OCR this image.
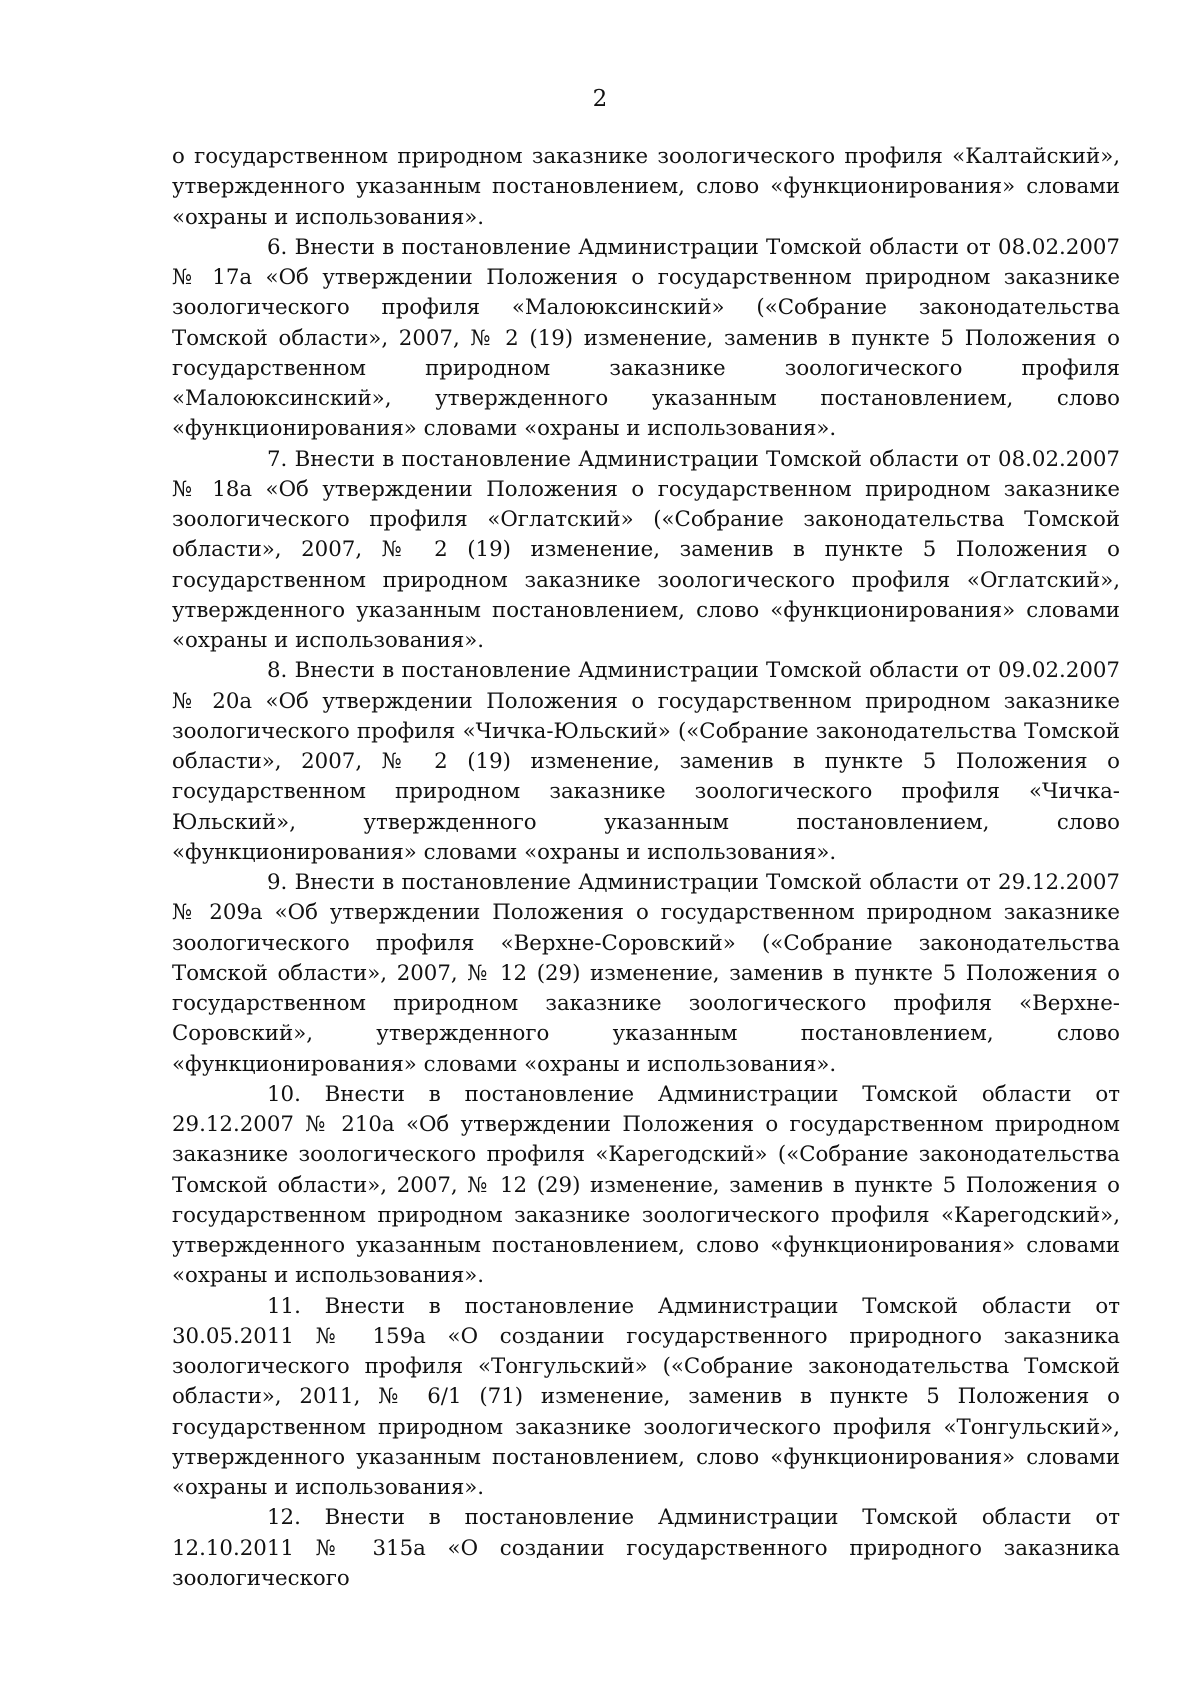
2

о государственном природном заказнике зоологического профиля «Калтайский», утвержденного указанным постановлением, слово «функционирования» словами «охраны и использования».

6. Внести в постановление Администрации Томской области от 08.02.2007 № 17а «Об утверждении Положения о государственном природном заказнике зоологического профиля «Малоюксинский» («Собрание законодательства Томской области», 2007, № 2 (19) изменение, заменив в пункте 5 Положения о государственном природном заказнике зоологического профиля «Малоюксинский», утвержденного указанным постановлением, слово «функционирования» словами «охраны и использования».

7. Внести в постановление Администрации Томской области от 08.02.2007 № 18а «Об утверждении Положения о государственном природном заказнике зоологического профиля «Оглатский» («Собрание законодательства Томской области», 2007, № 2 (19) изменение, заменив в пункте 5 Положения о государственном природном заказнике зоологического профиля «Оглатский», утвержденного указанным постановлением, слово «функционирования» словами «охраны и использования».

8. Внести в постановление Администрации Томской области от 09.02.2007 № 20а «Об утверждении Положения о государственном природном заказнике зоологического профиля «Чичка-Юльский» («Собрание законодательства Томской области», 2007, № 2 (19) изменение, заменив в пункте 5 Положения о государственном природном заказнике зоологического профиля «Чичка-Юльский», утвержденного указанным постановлением, слово «функционирования» словами «охраны и использования».

9. Внести в постановление Администрации Томской области от 29.12.2007 № 209а «Об утверждении Положения о государственном природном заказнике зоологического профиля «Верхне-Соровский» («Собрание законодательства Томской области», 2007, № 12 (29) изменение, заменив в пункте 5 Положения о государственном природном заказнике зоологического профиля «Верхне-Соровский», утвержденного указанным постановлением, слово «функционирования» словами «охраны и использования».

10. Внести в постановление Администрации Томской области от 29.12.2007 № 210а «Об утверждении Положения о государственном природном заказнике зоологического профиля «Карегодский» («Собрание законодательства Томской области», 2007, № 12 (29) изменение, заменив в пункте 5 Положения о государственном природном заказнике зоологического профиля «Карегодский», утвержденного указанным постановлением, слово «функционирования» словами «охраны и использования».

11. Внести в постановление Администрации Томской области от 30.05.2011 № 159а «О создании государственного природного заказника зоологического профиля «Тонгульский» («Собрание законодательства Томской области», 2011, № 6/1 (71) изменение, заменив в пункте 5 Положения о государственном природном заказнике зоологического профиля «Тонгульский», утвержденного указанным постановлением, слово «функционирования» словами «охраны и использования».

12. Внести в постановление Администрации Томской области от 12.10.2011 № 315а «О создании государственного природного заказника зоологического
